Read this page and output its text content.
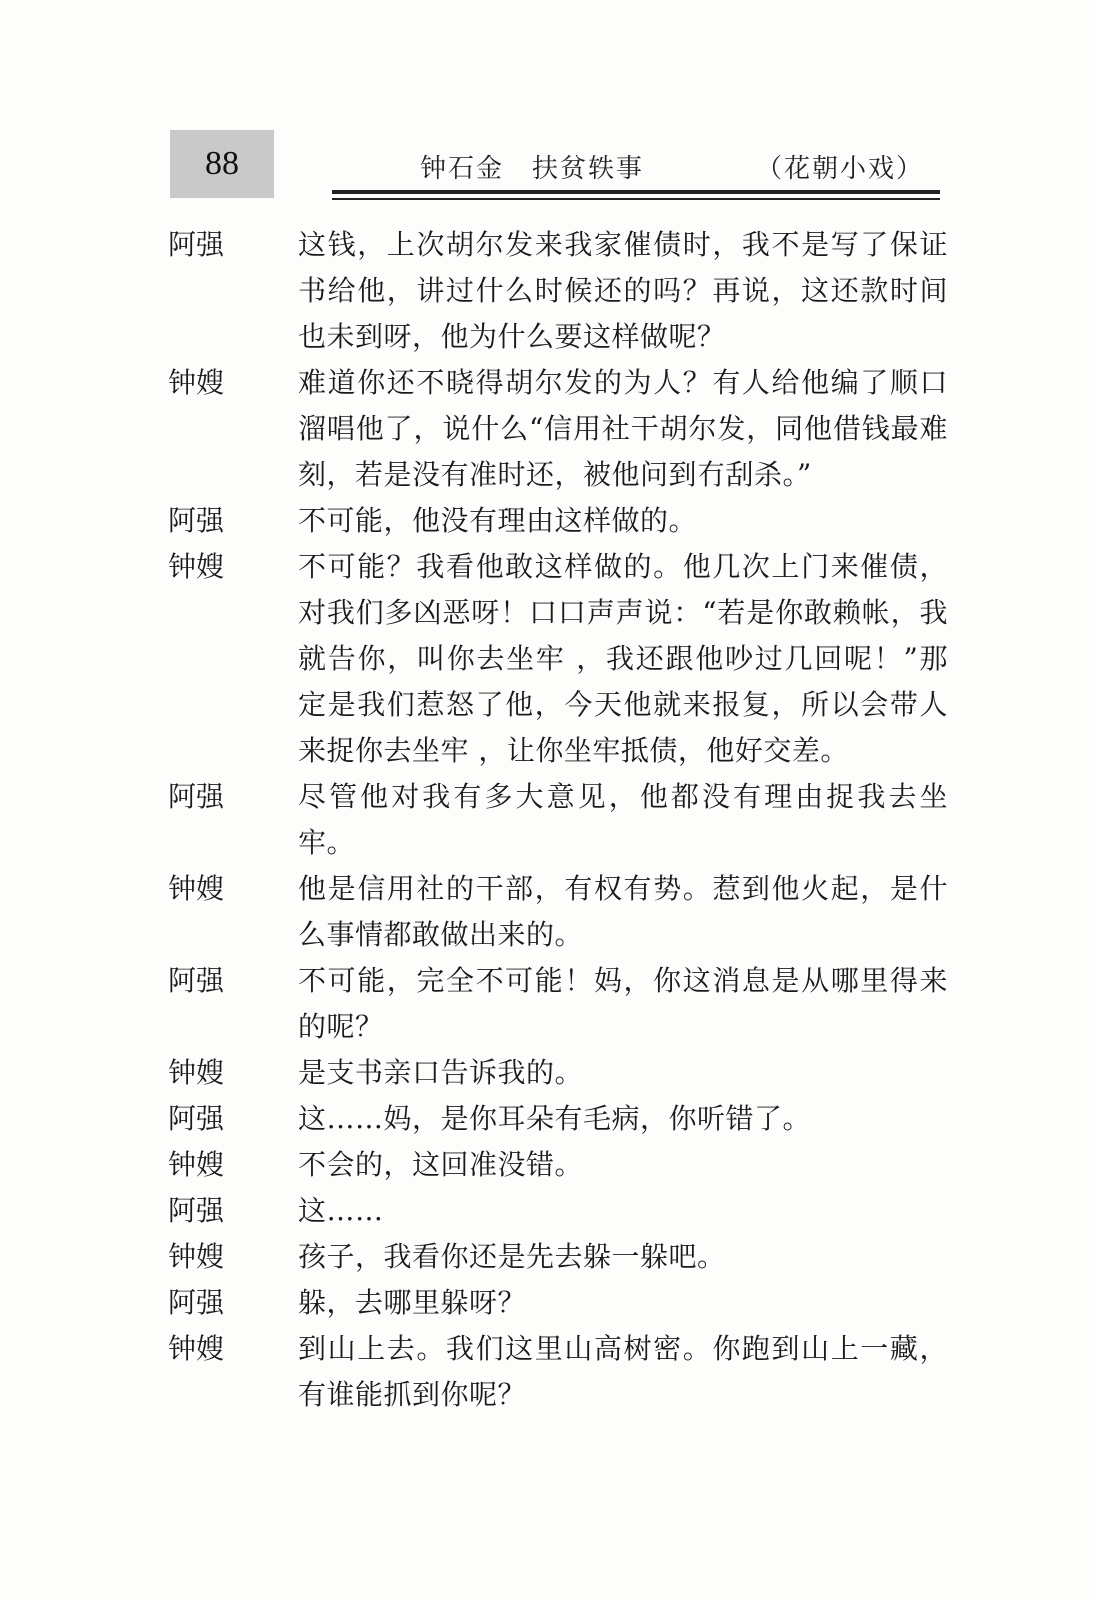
88	钟石金　扶贫轶事	（花朝小戏）
阿强	这钱，上次胡尔发来我家催债时，我不是写了保证书给他，讲过什么时候还的吗？再说，这还款时间也未到呀，他为什么要这样做呢？
钟嫂	难道你还不晓得胡尔发的为人？有人给他编了顺口溜唱他了，说什么“信用社干胡尔发，同他借钱最难刻，若是没有准时还，被他问到冇刮杀。”
阿强	不可能，他没有理由这样做的。
钟嫂	不可能？我看他敢这样做的。他几次上门来催债，对我们多凶恶呀！口口声声说：“若是你敢赖帐，我就告你，叫你去坐牢 ，我还跟他吵过几回呢！”那定是我们惹怒了他，今天他就来报复，所以会带人来捉你去坐牢 ，让你坐牢抵债，他好交差。
阿强	尽管他对我有多大意见，他都没有理由捉我去坐牢。
钟嫂	他是信用社的干部，有权有势。惹到他火起，是什么事情都敢做出来的。
阿强	不可能，完全不可能！妈，你这消息是从哪里得来的呢？
钟嫂	是支书亲口告诉我的。
阿强	这……妈，是你耳朵有毛病，你听错了。
钟嫂	不会的，这回准没错。
阿强	这……
钟嫂	孩子，我看你还是先去躲一躲吧。
阿强	躲，去哪里躲呀？
钟嫂	到山上去。我们这里山高树密。你跑到山上一藏，有谁能抓到你呢？
